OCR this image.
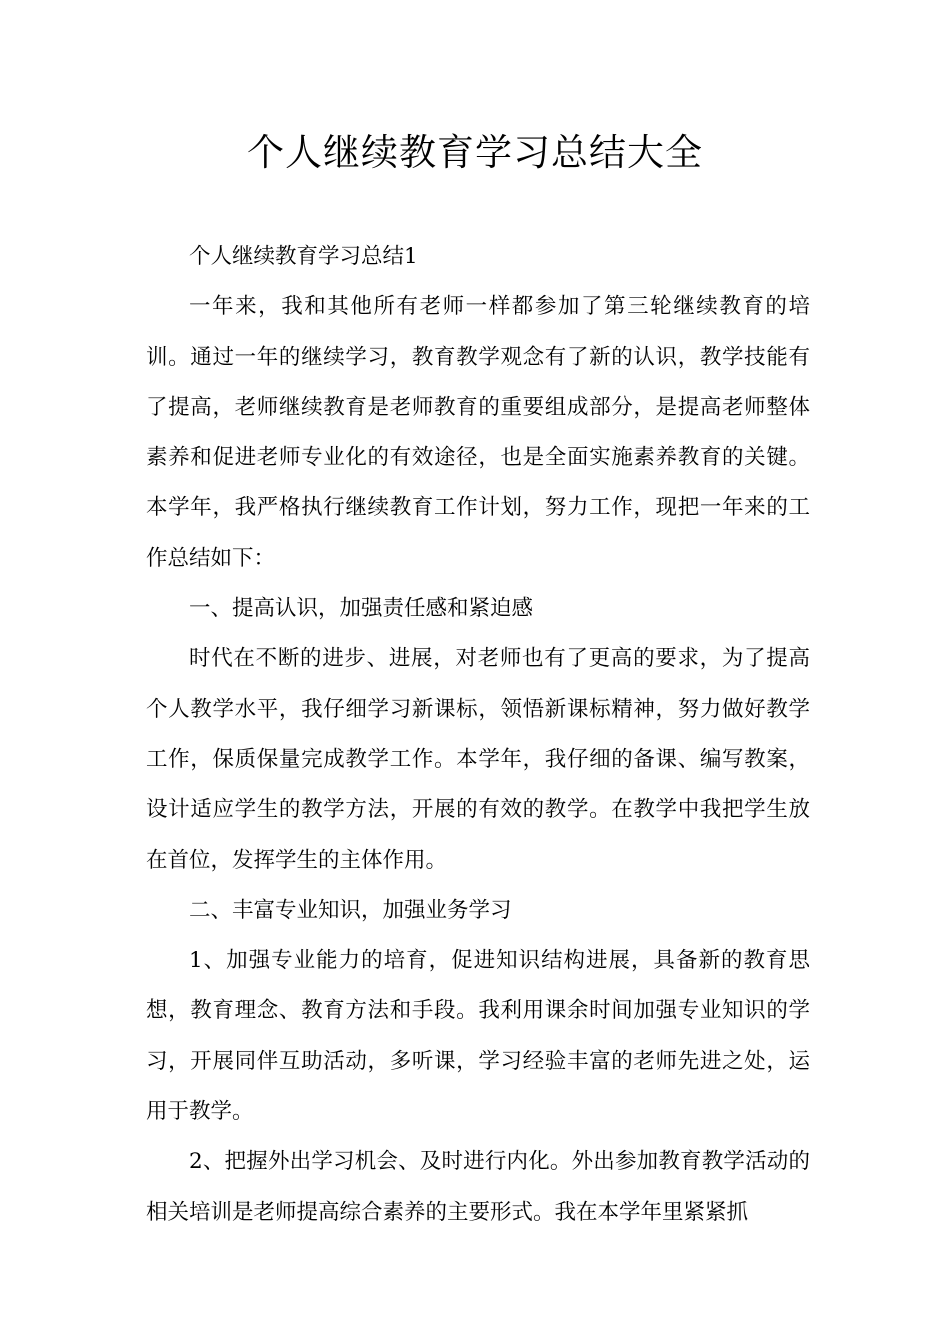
个人继续教育学习总结大全

个人继续教育学习总结1

一年来，我和其他所有老师一样都参加了第三轮继续教育的培训。通过一年的继续学习，教育教学观念有了新的认识，教学技能有了提高，老师继续教育是老师教育的重要组成部分，是提高老师整体素养和促进老师专业化的有效途径，也是全面实施素养教育的关键。本学年，我严格执行继续教育工作计划，努力工作，现把一年来的工作总结如下：

一、提高认识，加强责任感和紧迫感

时代在不断的进步、进展，对老师也有了更高的要求，为了提高个人教学水平，我仔细学习新课标，领悟新课标精神，努力做好教学工作，保质保量完成教学工作。本学年，我仔细的备课、编写教案，设计适应学生的教学方法，开展的有效的教学。在教学中我把学生放在首位，发挥学生的主体作用。

二、丰富专业知识，加强业务学习

1、加强专业能力的培育，促进知识结构进展，具备新的教育思想，教育理念、教育方法和手段。我利用课余时间加强专业知识的学习，开展同伴互助活动，多听课，学习经验丰富的老师先进之处，运用于教学。

2、把握外出学习机会、及时进行内化。外出参加教育教学活动的相关培训是老师提高综合素养的主要形式。我在本学年里紧紧抓
